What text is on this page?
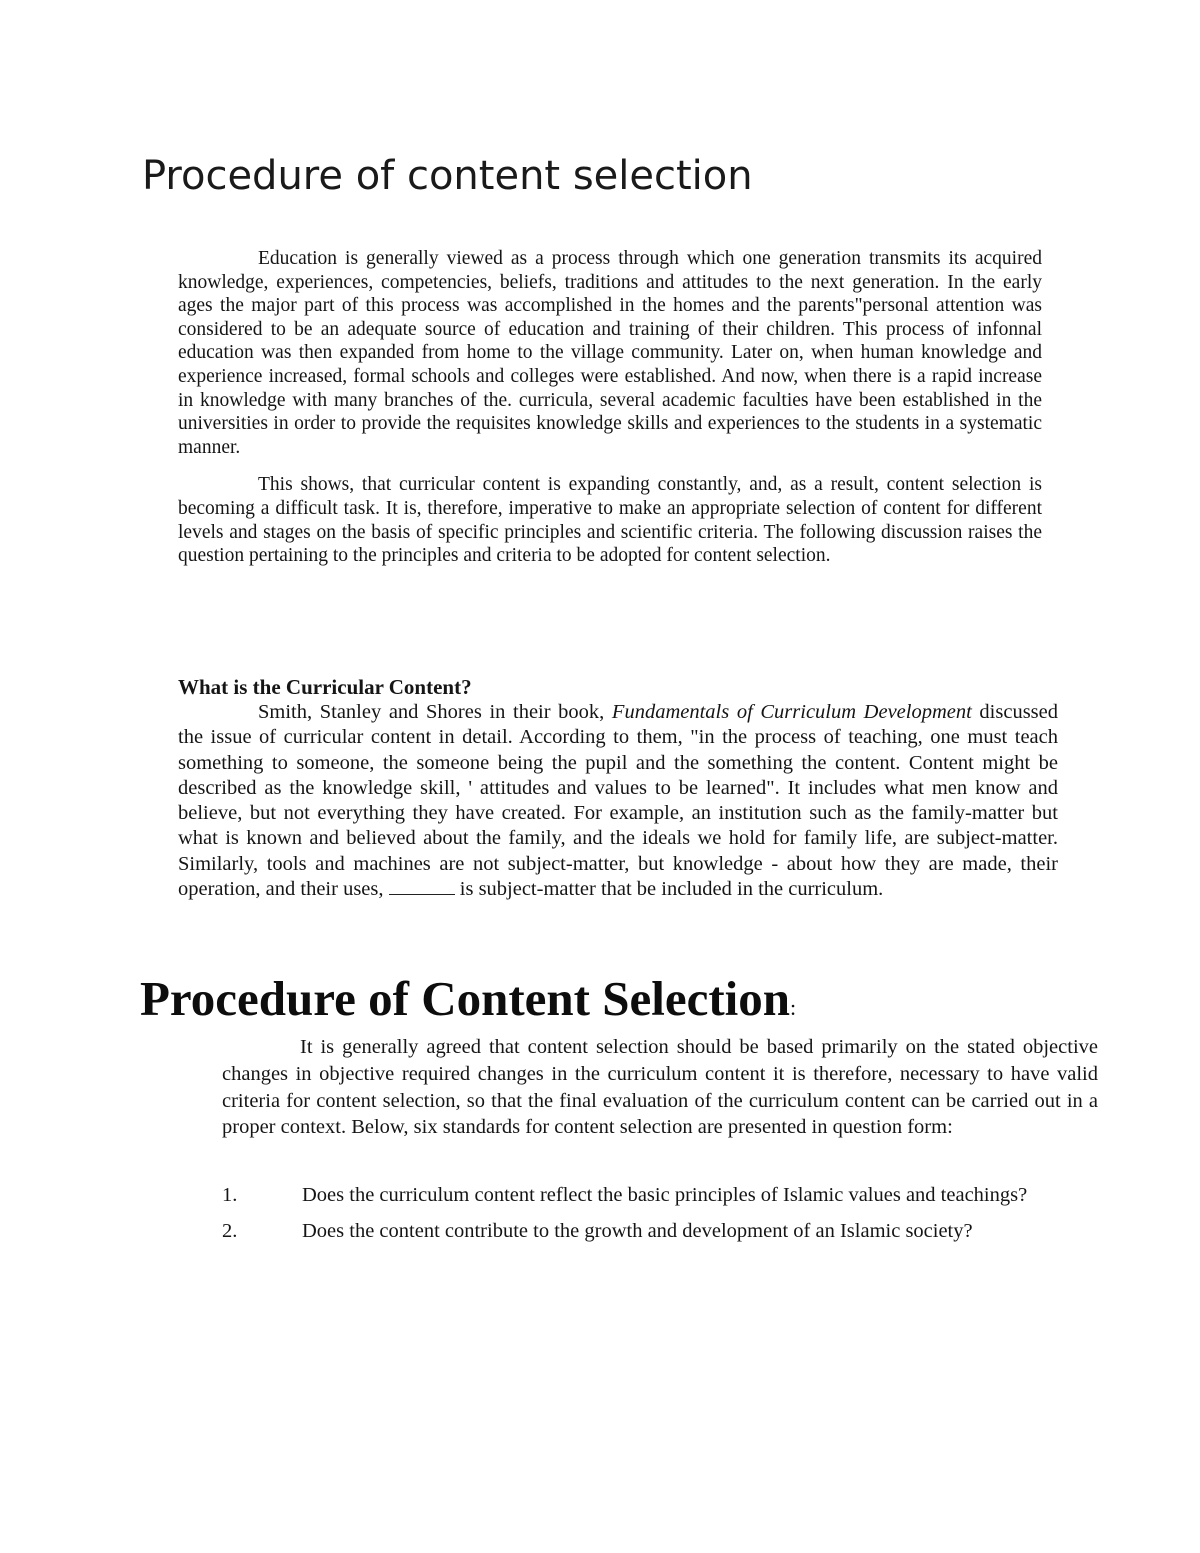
Procedure of content selection

Education is generally viewed as a process through which one generation transmits its acquired knowledge, experiences, competencies, beliefs, traditions and attitudes to the next generation. In the early ages the major part of this process was accomplished in the homes and the parents"personal attention was considered to be an adequate source of education and training of their children. This process of infonnal education was then expanded from home to the village community. Later on, when human knowledge and experience increased, formal schools and colleges were established. And now, when there is a rapid increase in knowledge with many branches of the. curricula, several academic faculties have been established in the universities in order to provide the requisites knowledge skills and experiences to the students in a systematic manner.

This shows, that curricular content is expanding constantly, and, as a result, content selection is becoming a difficult task. It is, therefore, imperative to make an appropriate selection of content for different levels and stages on the basis of specific principles and scientific criteria. The following discussion raises the question pertaining to the principles and criteria to be adopted for content selection.

What is the Curricular Content?

Smith, Stanley and Shores in their book, Fundamentals of Curriculum Development discussed the issue of curricular content in detail. According to them, "in the process of teaching, one must teach something to someone, the someone being the pupil and the something the content. Content might be described as the knowledge skill, ' attitudes and values to be learned". It includes what men know and believe, but not everything they have created. For example, an institution such as the family-matter but what is known and believed about the family, and the ideals we hold for family life, are subject-matter. Similarly, tools and machines are not subject-matter, but knowledge - about how they are made, their operation, and their uses,	is subject-matter that be included in the curriculum.

Procedure of Content Selection:

It is generally agreed that content selection should be based primarily on the stated objective changes in objective required changes in the curriculum content it is therefore, necessary to have valid criteria for content selection, so that the final evaluation of the curriculum content can be carried out in a proper context. Below, six standards for content selection are presented in question form:

1.	Does the curriculum content reflect the basic principles of Islamic values and teachings?
2.	Does the content contribute to the growth and development of an Islamic society?
